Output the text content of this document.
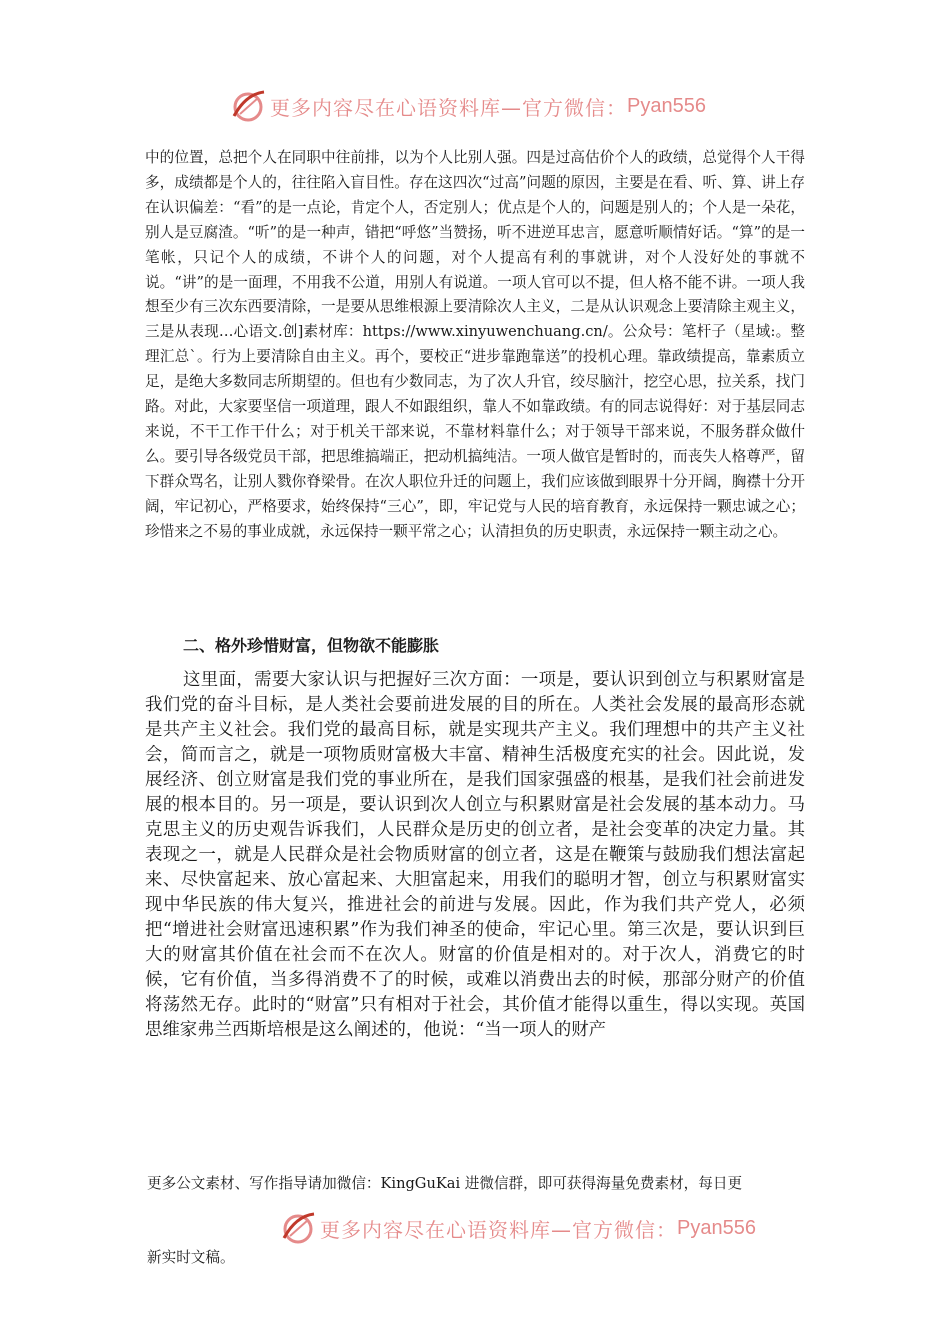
更多内容尽在心语资料库—官方微信： Pyan556

中的位置，总把个人在同职中往前排，以为个人比别人强。四是过高估价个人的政绩，总觉得个人干得多，成绩都是个人的，往往陷入盲目性。存在这四次“过高”问题的原因，主要是在看、听、算、讲上存在认识偏差：“看”的是一点论，肯定个人，否定别人；优点是个人的，问题是别人的；个人是一朵花，别人是豆腐渣。“听”的是一种声，错把“呼悠”当赞扬，听不进逆耳忠言，愿意听顺情好话。“算”的是一笔帐，只记个人的成绩，不讲个人的问题，对个人提高有利的事就讲，对个人没好处的事就不说。“讲”的是一面理，不用我不公道，用别人有说道。一项人官可以不提，但人格不能不讲。一项人我想至少有三次东西要清除，一是要从思维根源上要清除次人主义，二是从认识观念上要清除主观主义，三是从表现…心语文.创]素材库：https://www.xinyuwenchuang.cn/。公众号：笔杆子（星域:。整理汇总`。行为上要清除自由主义。再个，要校正“进步靠跑靠送”的投机心理。靠政绩提高，靠素质立足，是绝大多数同志所期望的。但也有少数同志，为了次人升官，绞尽脑汁，挖空心思，拉关系，找门路。对此，大家要坚信一项道理，跟人不如跟组织，靠人不如靠政绩。有的同志说得好：对于基层同志来说，不干工作干什么；对于机关干部来说，不靠材料靠什么；对于领导干部来说，不服务群众做什么。要引导各级党员干部，把思维搞端正，把动机搞纯洁。一项人做官是暂时的，而丧失人格尊严，留下群众骂名，让别人戮你脊梁骨。在次人职位升迁的问题上，我们应该做到眼界十分开阔，胸襟十分开阔，牢记初心，严格要求，始终保持“三心”，即，牢记党与人民的培育教育，永远保持一颗忠诚之心；珍惜来之不易的事业成就，永远保持一颗平常之心；认清担负的历史职责，永远保持一颗主动之心。

二、格外珍惜财富，但物欲不能膨胀

这里面，需要大家认识与把握好三次方面：一项是，要认识到创立与积累财富是我们党的奋斗目标，是人类社会要前进发展的目的所在。人类社会发展的最高形态就是共产主义社会。我们党的最高目标，就是实现共产主义。我们理想中的共产主义社会，简而言之，就是一项物质财富极大丰富、精神生活极度充实的社会。因此说，发展经济、创立财富是我们党的事业所在，是我们国家强盛的根基，是我们社会前进发展的根本目的。另一项是，要认识到次人创立与积累财富是社会发展的基本动力。马克思主义的历史观告诉我们，人民群众是历史的创立者，是社会变革的决定力量。其表现之一，就是人民群众是社会物质财富的创立者，这是在鞭策与鼓励我们想法富起来、尽快富起来、放心富起来、大胆富起来，用我们的聪明才智，创立与积累财富实现中华民族的伟大复兴，推进社会的前进与发展。因此，作为我们共产党人，必须把“增进社会财富迅速积累”作为我们神圣的使命，牢记心里。第三次是，要认识到巨大的财富其价值在社会而不在次人。财富的价值是相对的。对于次人，消费它的时候，它有价值，当多得消费不了的时候，或难以消费出去的时候，那部分财产的价值将荡然无存。此时的“财富”只有相对于社会，其价值才能得以重生，得以实现。英国思维家弗兰西斯培根是这么阐述的，他说：“当一项人的财产

更多公文素材、写作指导请加微信：KingGuKai 进微信群，即可获得海量免费素材，每日更

更多内容尽在心语资料库—官方微信： Pyan556

新实时文稿。
